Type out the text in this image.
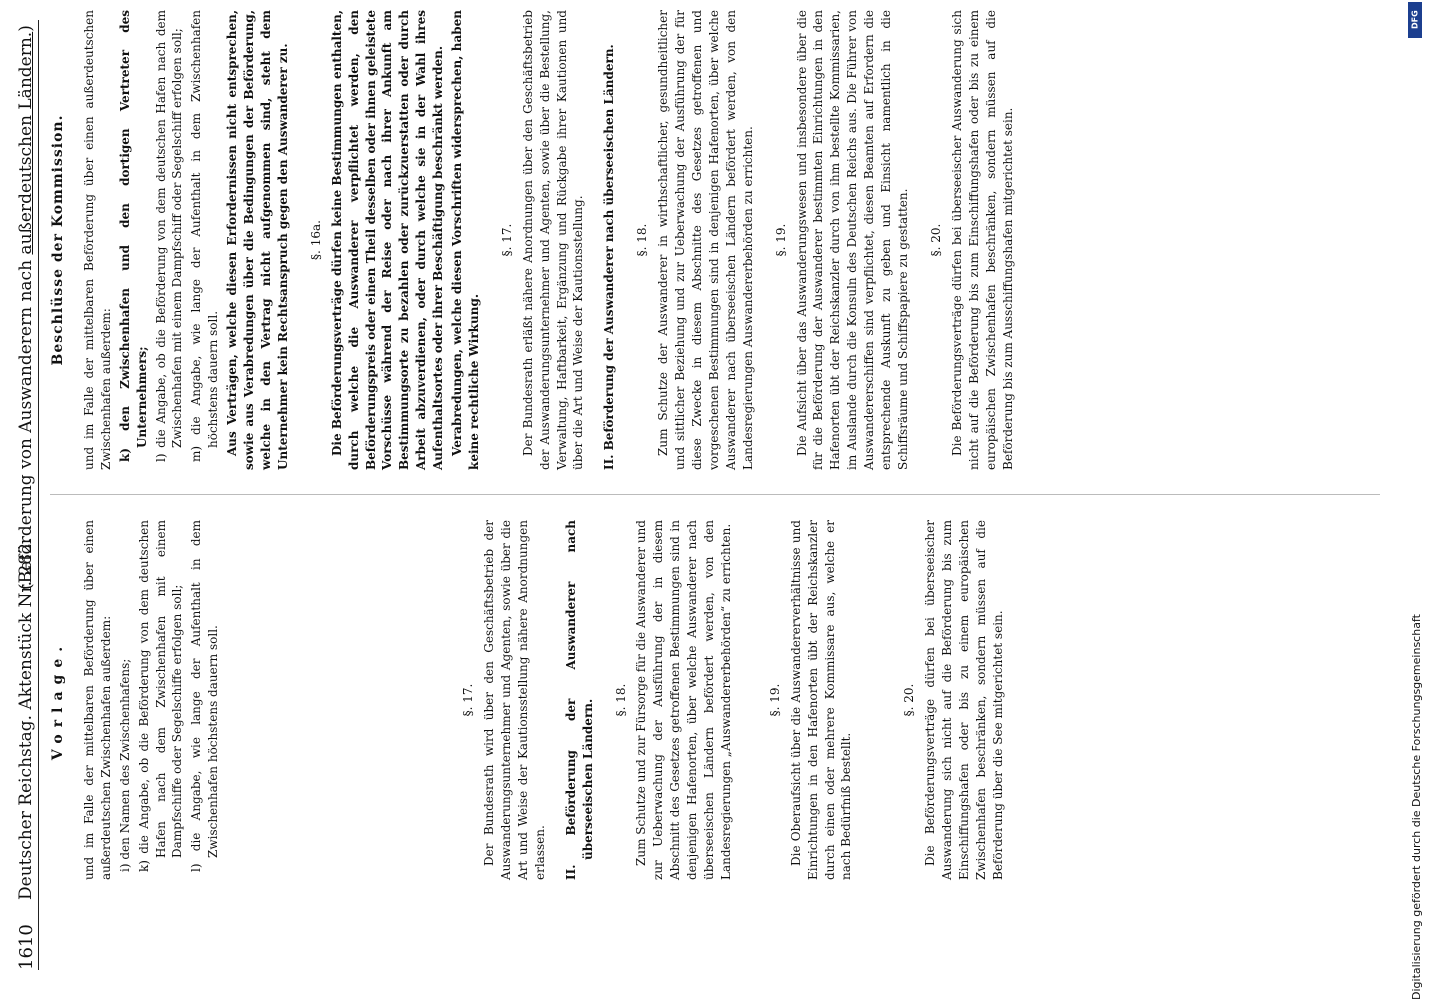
1610
Deutscher Reichstag. Aktenstück Nr. 282.
(Beförderung von Auswanderern nach außerdeutschen Ländern.)
Vorlage. und im Falle der mittelbaren Beförderung über einen außerdeutschen Zwischenhafen außerdem: i) den Namen des Zwischenhafens; k) die Angabe, ob die Beförderung von dem deutschen Hafen nach dem Zwischenhafen mit einem Dampfschiffe oder Segelschiffe erfolgen soll; l) die Angabe, wie lange der Aufenthalt in dem Zwischenhafen höchstens dauern soll.	§. 17. Der Bundesrath wird über den Geschäftsbetrieb der Auswanderungsunternehmer und Agenten, sowie über die Art und Weise der Kautionsstellung nähere Anordnungen erlassen. II. Beförderung der Auswanderer nach überseeischen Ländern. §. 18. Zum Schutze und zur Fürsorge für die Auswanderer und zur Ueberwachung der Ausführung der in diesem Abschnitt des Gesetzes getroffenen Bestimmungen sind in denjenigen Hafenorten, über welche Auswanderer nach überseeischen Ländern befördert werden, von den Landesregierungen „Auswandererbehörden“ zu errichten.	§. 19. Die Oberaufsicht über die Auswandererverhältnisse und Einrichtungen in den Hafenorten übt der Reichskanzler durch einen oder mehrere Kommissare aus, welche er nach Bedürfniß bestellt.

§. 20. Die Beförderungsverträge dürfen bei überseeischer Auswanderung sich nicht auf die Beförderung bis zum Einschiffungshafen oder bis zu einem europäischen Zwischenhafen beschränken, sondern müssen auf die Beförderung über die See mitgerichtet sein.

Beschlüsse der Kommission. und im Falle der mittelbaren Beförderung über einen außerdeutschen Zwischenhafen außerdem: k) den Zwischenhafen und den dortigen Vertreter des Unternehmers; l) die Angabe, ob die Beförderung von dem deutschen Hafen nach dem Zwischenhafen mit einem Dampfschiff oder Segelschiff erfolgen soll; m) die Angabe, wie lange der Aufenthalt in dem Zwischenhafen höchstens dauern soll. Aus Verträgen, welche diesen Erfordernissen nicht entsprechen, sowie aus Verabredungen über die Bedingungen der Beförderung, welche in den Vertrag nicht aufgenommen sind, steht dem Unternehmer kein Rechtsanspruch gegen den Auswanderer zu. §. 16a. Die Beförderungsverträge dürfen keine Bestimmungen enthalten, durch welche die Auswanderer verpflichtet werden, den Beförderungspreis oder einen Theil desselben oder ihnen geleistete Vorschüsse während der Reise oder nach ihrer Ankunft am Bestimmungsorte zu bezahlen oder zurückzuerstatten oder durch Arbeit abzuverdienen, oder durch welche sie in der Wahl ihres Aufenthaltsortes oder ihrer Beschäftigung beschränkt werden. Verabredungen, welche diesen Vorschriften widersprechen, haben keine rechtliche Wirkung.

§. 17. Der Bundesrath erläßt nähere Anordnungen über den Geschäftsbetrieb der Auswanderungsunternehmer und Agenten, sowie über die Bestellung, Verwaltung, Haftbarkeit, Ergänzung und Rückgabe ihrer Kautionen und über die Art und Weise der Kautionsstellung. II. Beförderung der Auswanderer nach überseeischen Ländern. §. 18. Zum Schutze der Auswanderer in wirthschaftlicher, gesundheitlicher und sittlicher Beziehung und zur Ueberwachung der Ausführung der für diese Zwecke in diesem Abschnitte des Gesetzes getroffenen und vorgeschenen Bestimmungen sind in denjenigen Hafenorten, über welche Auswanderer nach überseeischen Ländern befördert werden, von den Landesregierungen Auswandererbehörden zu errichten. §. 19. Die Aufsicht über das Auswanderungswesen und insbesondere über die für die Beförderung der Auswanderer bestimmten Einrichtungen in den Hafenorten übt der Reichskanzler durch von ihm bestellte Kommissarien, im Auslande durch die Konsuln des Deutschen Reichs aus. Die Führer von Auswandererschiffen sind verpflichtet, diesen Beamten auf Erfordern die entsprechende Auskunft zu geben und Einsicht namentlich in die Schiffsräume und Schiffspapiere zu gestatten. §. 20. Die Beförderungsverträge dürfen bei überseeischer Auswanderung sich nicht auf die Beförderung bis zum Einschiffungshafen oder bis zu einem europäischen Zwischenhafen beschränken, sondern müssen auf die Beförderung bis zum Ausschiffungshafen mitgerichtet sein.

Digitalisierung gefördert durch die Deutsche Forschungsgemeinschaft
DFG
